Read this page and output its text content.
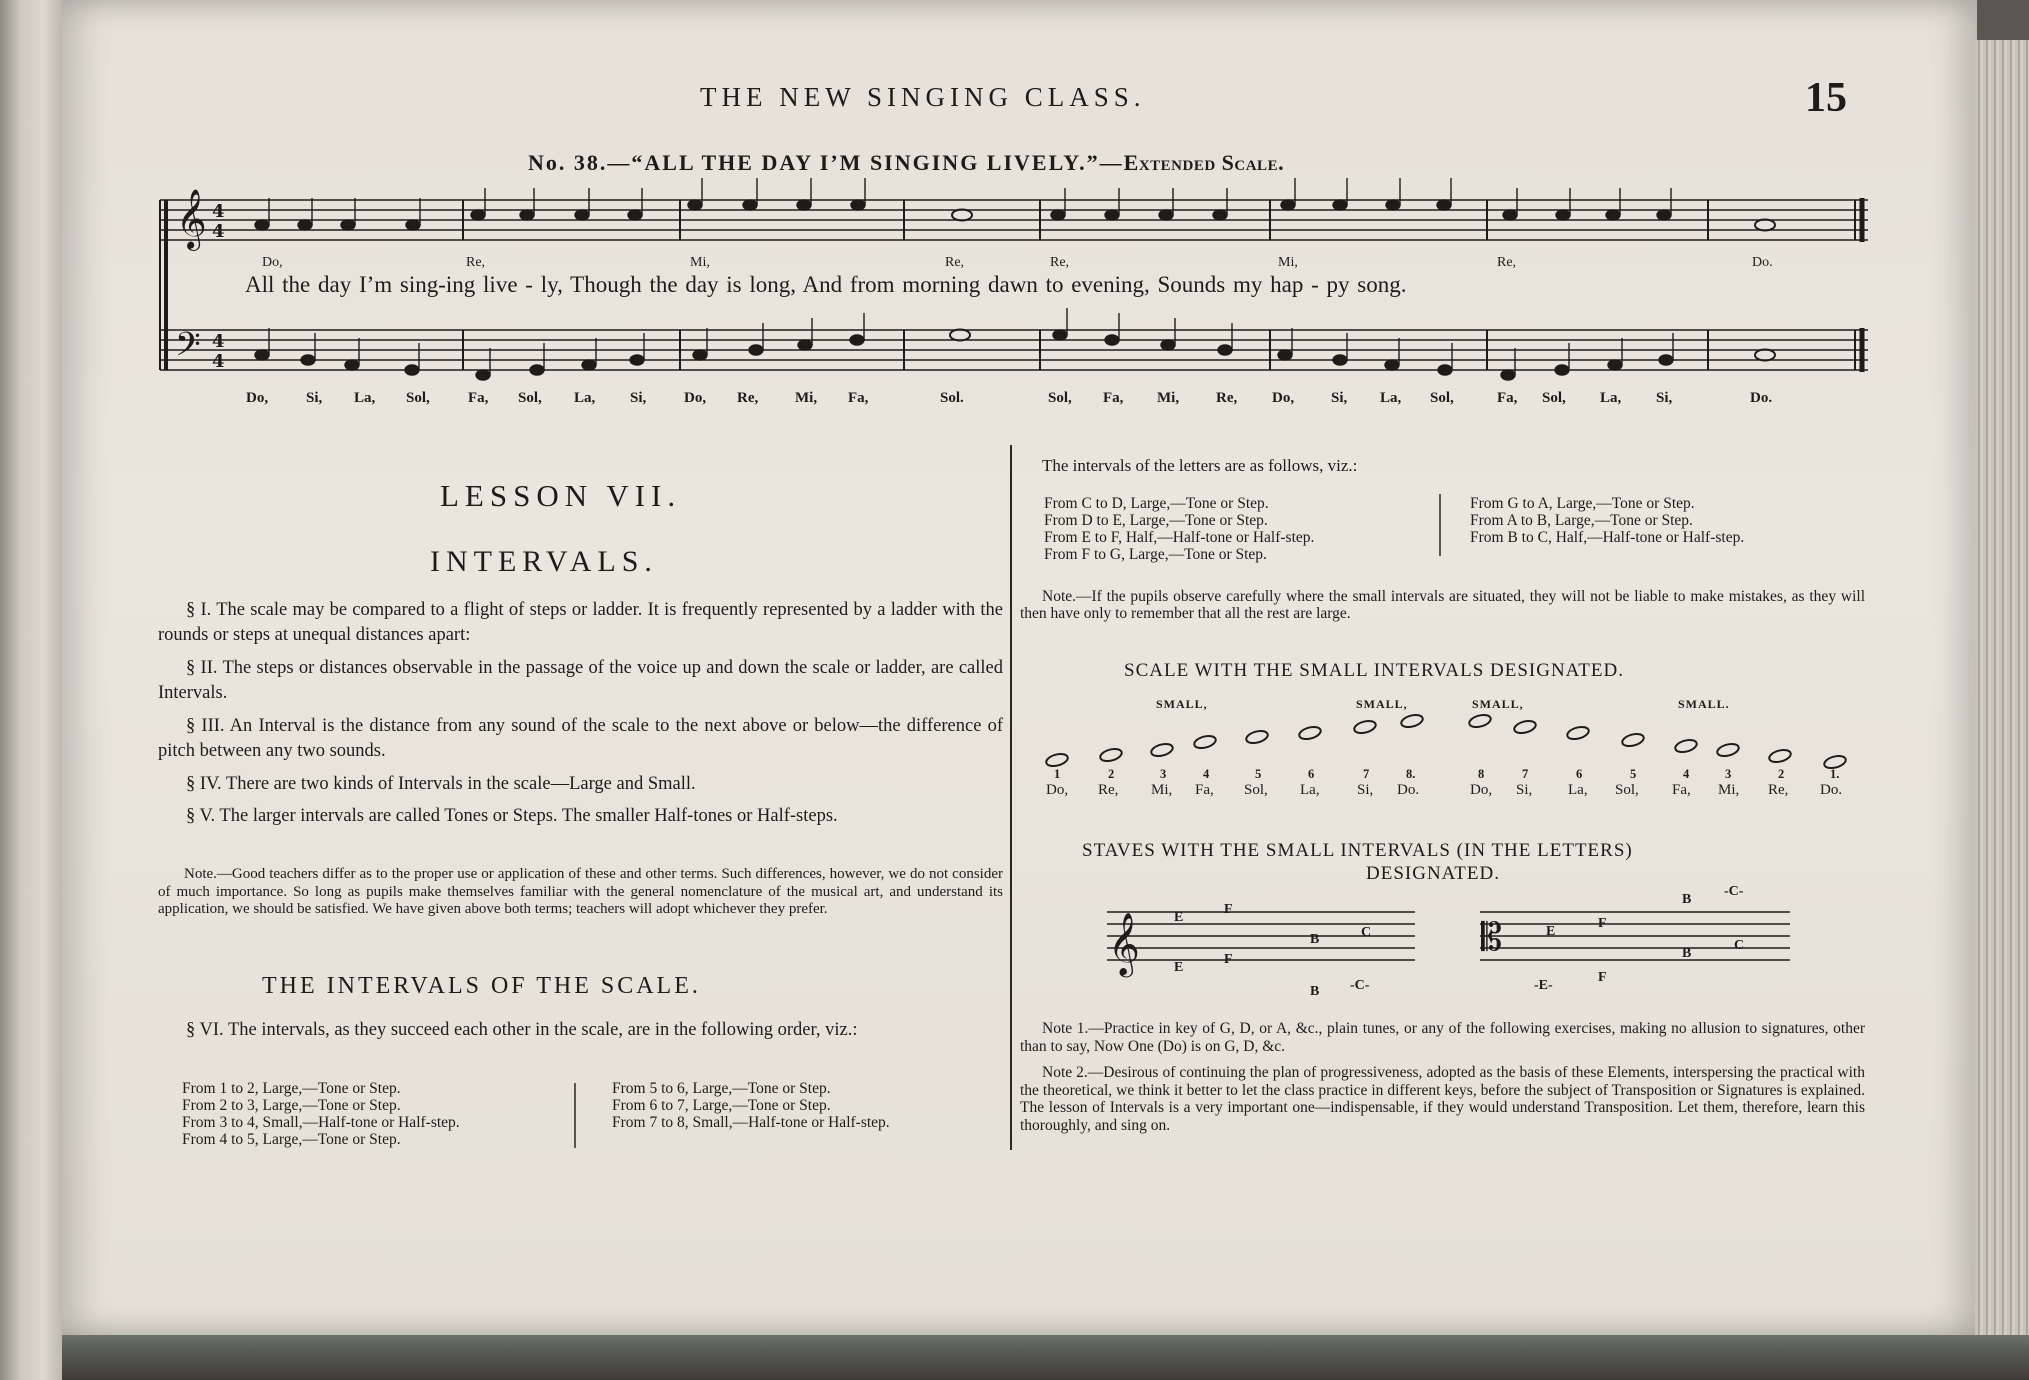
THE NEW SINGING CLASS.	15
No. 38.—“ALL THE DAY I’M SINGING LIVELY.”—Extended Scale.
𝄞
𝄢
4
4
4
4
𝄞	𝄡
Do,	Re,	Mi,	Re,	Re,	Mi,	Re,	Do.
All the day I’m sing-ing live - ly, Though the day is long, And from morning dawn to evening, Sounds my hap - py song.
Do,	Si, La, Sol,	Fa, Sol, La, Si,	Do, Re, Mi, Fa,	Sol.	Sol, Fa, Mi, Re, Do, Si, La, Sol,	Fa, Sol, La, Si,	Do.
LESSON VII.
INTERVALS.
§ I. The scale may be compared to a flight of steps or ladder. It is frequently represented by a ladder with the rounds or steps at unequal distances apart:
§ II. The steps or distances observable in the passage of the voice up and down the scale or ladder, are called Intervals.
§ III. An Interval is the distance from any sound of the scale to the next above or below—the difference of pitch between any two sounds.
§ IV. There are two kinds of Intervals in the scale—Large and Small.
§ V. The larger intervals are called Tones or Steps. The smaller Half-tones or Half-steps.
Note.—Good teachers differ as to the proper use or application of these and other terms. Such differences, however, we do not consider of much importance. So long as pupils make themselves familiar with the general nomenclature of the musical art, and understand its application, we should be satisfied. We have given above both terms; teachers will adopt whichever they prefer.
THE INTERVALS OF THE SCALE.
§ VI. The intervals, as they succeed each other in the scale, are in the following order, viz.:
From 1 to 2, Large,—Tone or Step.
From 2 to 3, Large,—Tone or Step.
From 3 to 4, Small,—Half-tone or Half-step.
From 4 to 5, Large,—Tone or Step.
From 5 to 6, Large,—Tone or Step.
From 6 to 7, Large,—Tone or Step.
From 7 to 8, Small,—Half-tone or Half-step.
The intervals of the letters are as follows, viz.:
From C to D, Large,—Tone or Step.
From D to E, Large,—Tone or Step.
From E to F, Half,—Half-tone or Half-step.
From F to G, Large,—Tone or Step.
From G to A, Large,—Tone or Step.
From A to B, Large,—Tone or Step.
From B to C, Half,—Half-tone or Half-step.
Note.—If the pupils observe carefully where the small intervals are situated, they will not be liable to make mistakes, as they will then have only to remember that all the rest are large.
SCALE WITH THE SMALL INTERVALS DESIGNATED.
SMALL,	SMALL,	SMALL,	SMALL.
1	2	3	4	5	6	7	8.	8	7	6	5	4	3	2	1.
Do, Re, Mi, Fa, Sol, La, Si, Do.	Do, Si, La, Sol, Fa, Mi, Re, Do.
STAVES WITH THE SMALL INTERVALS (IN THE LETTERS)
DESIGNATED.
E
F
B	C
E
F
B -C-
B
-C-
E
F
B
C
-E-
F
Note 1.—Practice in key of G, D, or A, &c., plain tunes, or any of the following exercises, making no allusion to signatures, other than to say, Now One (Do) is on G, D, &c.
Note 2.—Desirous of continuing the plan of progressiveness, adopted as the basis of these Elements, interspersing the practical with the theoretical, we think it better to let the class practice in different keys, before the subject of Transposition or Signatures is explained. The lesson of Intervals is a very important one—indispensable, if they would understand Transposition. Let them, therefore, learn this thoroughly, and sing on.
